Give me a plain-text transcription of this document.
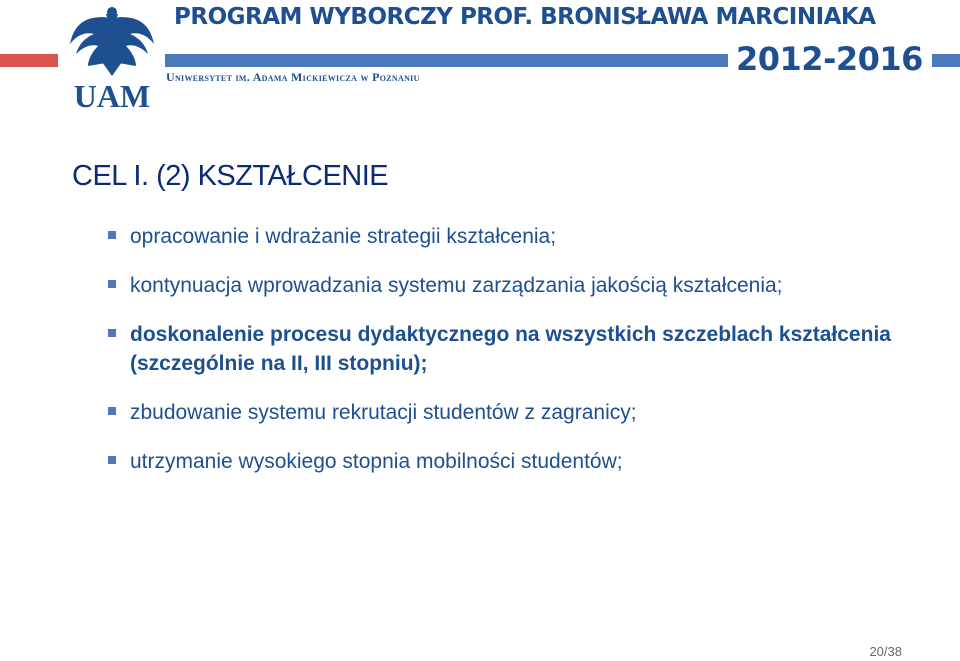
UAM
PROGRAM WYBORCZY PROF. BRONISŁAWA MARCINIAKA
2012-2016
Uniwersytet im. Adama Mickiewicza w Poznaniu
CEL I. (2) KSZTAŁCENIE
opracowanie i wdrażanie strategii kształcenia;
kontynuacja wprowadzania systemu zarządzania jakością kształcenia;
doskonalenie procesu dydaktycznego na wszystkich szczeblach kształcenia (szczególnie na II, III stopniu);
zbudowanie systemu rekrutacji studentów z zagranicy;
utrzymanie wysokiego stopnia mobilności studentów;
20/38
